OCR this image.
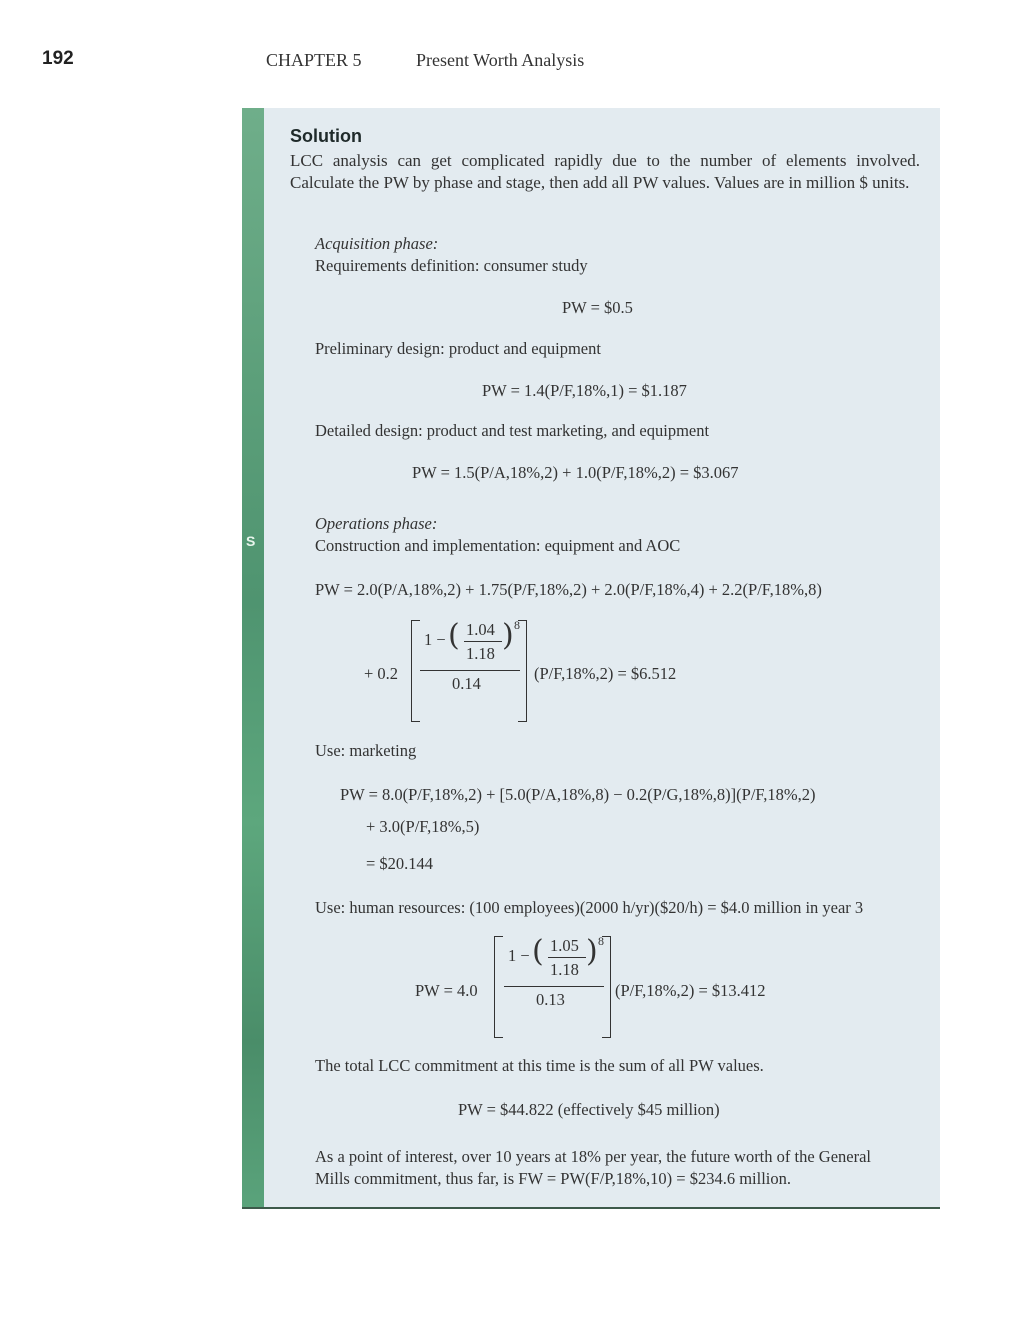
192	CHAPTER 5	Present Worth Analysis
S
Solution
LCC analysis can get complicated rapidly due to the number of elements involved. Calculate the PW by phase and stage, then add all PW values. Values are in million $ units.
Acquisition phase:
Requirements definition: consumer study
PW = $0.5
Preliminary design: product and equipment
PW = 1.4(P/F,18%,1) = $1.187
Detailed design: product and test marketing, and equipment
PW = 1.5(P/A,18%,2) + 1.0(P/F,18%,2) = $3.067
Operations phase:
Construction and implementation: equipment and AOC
PW = 2.0(P/A,18%,2) + 1.75(P/F,18%,2) + 2.0(P/F,18%,4) + 2.2(P/F,18%,8)
+ 0.2
1 − ( 1.04
1.18
) 8
0.14
(P/F,18%,2) = $6.512
Use: marketing
PW = 8.0(P/F,18%,2) + [5.0(P/A,18%,8) − 0.2(P/G,18%,8)](P/F,18%,2)
+ 3.0(P/F,18%,5)
= $20.144
Use: human resources: (100 employees)(2000 h/yr)($20/h) = $4.0 million in year 3
PW = 4.0
1 − ( 1.05
1.18
) 8
0.13	(P/F,18%,2) = $13.412
The total LCC commitment at this time is the sum of all PW values.
PW = $44.822 (effectively $45 million)
As a point of interest, over 10 years at 18% per year, the future worth of the General
Mills commitment, thus far, is FW = PW(F/P,18%,10) = $234.6 million.
